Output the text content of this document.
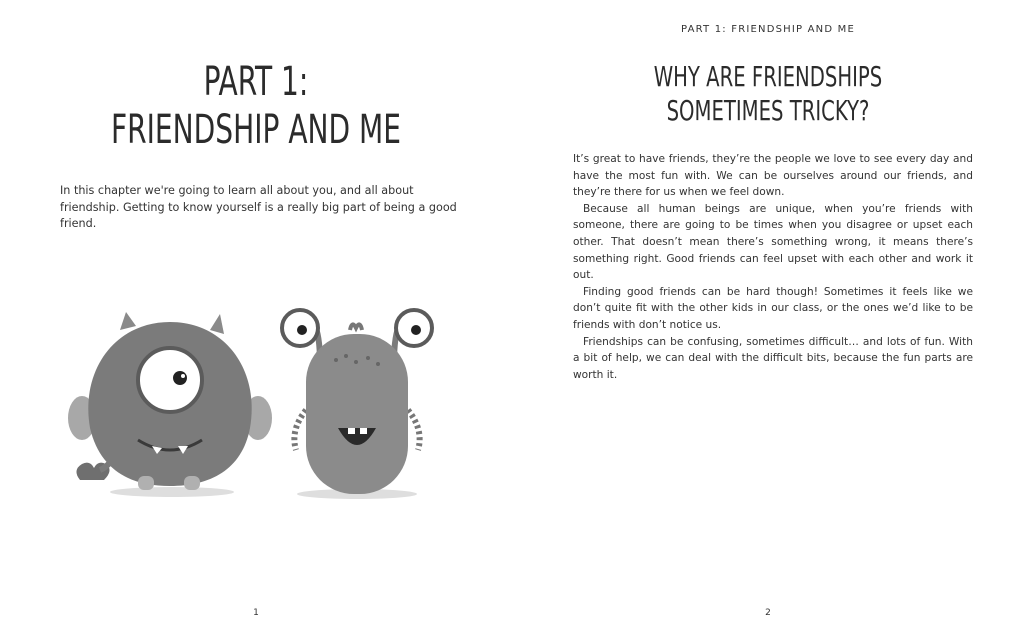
PART 1:
FRIENDSHIP AND ME

In this chapter we're going to learn all about you, and all about friendship. Getting to know yourself is a really big part of being a good friend.

1
PART 1: FRIENDSHIP AND ME
WHY ARE FRIENDSHIPS
SOMETIMES TRICKY?

It’s great to have friends, they’re the people we love to see every day and have the most fun with. We can be ourselves around our friends, and they’re there for us when we feel down.

Because all human beings are unique, when you’re friends with someone, there are going to be times when you disagree or upset each other. That doesn’t mean there’s something wrong, it means there’s something right. Good friends can feel upset with each other and work it out.

Finding good friends can be hard though! Sometimes it feels like we don’t quite fit with the other kids in our class, or the ones we’d like to be friends with don’t notice us.

Friendships can be confusing, sometimes difficult… and lots of fun. With a bit of help, we can deal with the difficult bits, because the fun parts are worth it.

2
